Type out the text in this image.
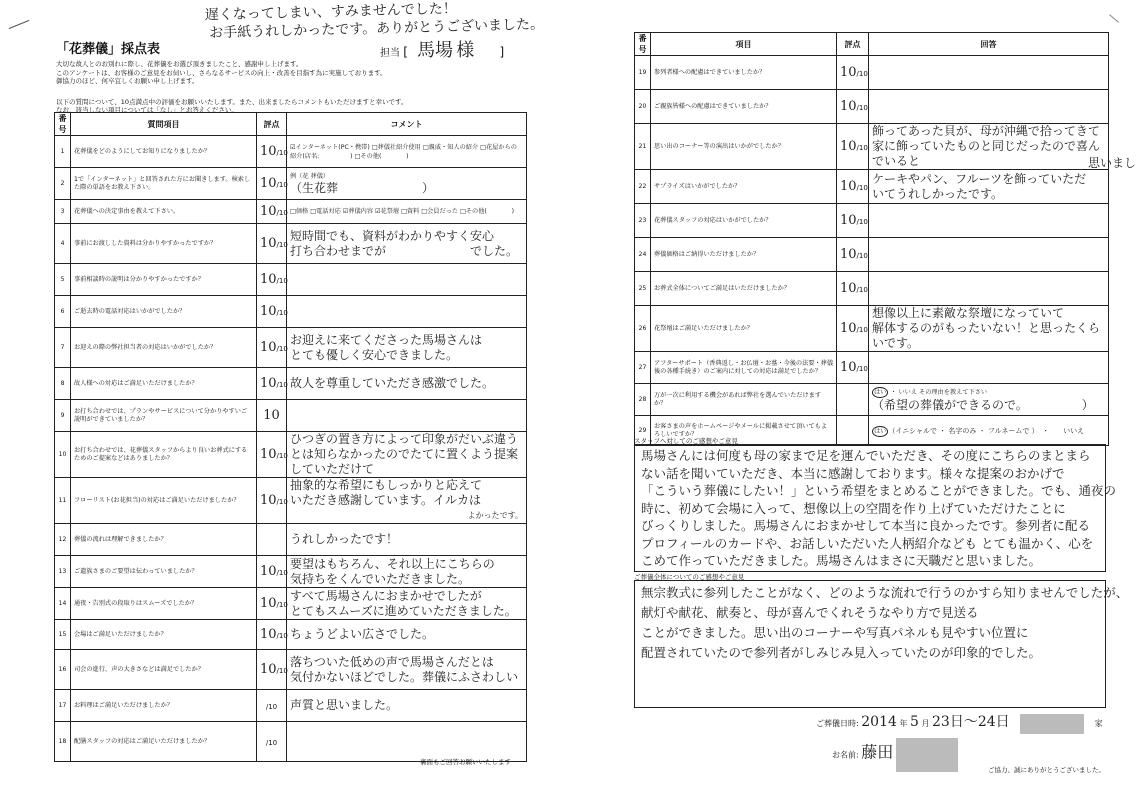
遅くなってしまい、すみませんでした！
お手紙うれしかったです。ありがとうございました。
「花葬儀」採点表	担当 [ 馬場 様 ]
大切な故人とのお別れに際し、花葬儀をお選び頂きましたこと、感謝申し上げます。
このアンケートは、お客様のご意見をお伺いし、さらなるサービスの向上・改善を目指す為に実施しております。
御協力のほど、何卒宜しくお願い申し上げます。
以下の質問について、10点満点中の評価をお願いいたします。また、出来ましたらコメントもいただけますと幸いです。
なお、該当しない項目については「なし」とお答えください。
番号	質問項目	評点	コメント
1	花葬儀をどのようにしてお知りになりましたか？	10/10	☑インターネット(PC・携帯) □葬儀社紹介使用 □親戚・知人の紹介 □花屋からの紹介(店名:　　　　　) □その他(　　　　)

2	1で「インターネット」と回答された方にお聞きします。検索した際の単語をお教え下さい。	10/10	例（花 葬儀）
（生花葬　　　　　　　）

3	花葬儀への決定事由を教えて下さい。	10/10	□価格 □電話対応 ☑葬儀内容 ☑花祭壇 □資料 □会員だった □その他(　　　　)

4	事前にお渡しした資料は分かりやすかったですか？	10/10	短時間でも、資料がわかりやすく安心
打ち合わせまでが　　　　　　　でした。

5	事前相談時の説明は分かりやすかったですか？	10/10	
6	ご逝去時の電話対応はいかがでしたか？	10/10	
7	お迎えの際の弊社担当者の対応はいかがでしたか？	10/10	お迎えに来てくださった馬場さんは
とても優しく安心できました。

8	故人様への対応はご満足いただけましたか？	10/10	故人を尊重していただき感激でした。

9	お打ち合わせでは、プランやサービスについて分かりやすいご説明ができていましたか？	10	
10	お打ち合わせでは、花葬儀スタッフからより良いお葬式にするためのご提案などはありましたか？	10/10	ひつぎの置き方によって印象がだいぶ違う
とは知らなかったのでたてに置くよう提案していただけて

11	フローリスト(お花担当)の対応はご満足いただけましたか？	10/10	抽象的な希望にもしっかりと応えて
いただき感謝しています。イルカは
よかったです。

12	葬儀の流れは理解できましたか？		うれしかったです！

13	ご遺族さまのご要望は伝わっていましたか？	10/10	要望はもちろん、それ以上にこちらの
気持ちをくんでいただきました。

14	通夜・告別式の段取りはスムーズでしたか？	10/10	すべて馬場さんにおまかせでしたが
とてもスムーズに進めていただきました。

15	会場はご満足いただけましたか？	10/10	ちょうどよい広さでした。

16	司会の進行、声の大きさなどは満足でしたか？	10/10	落ちついた低めの声で馬場さんだとは
気付かないほどでした。葬儀にふさわしい

17	お料理はご満足いただけましたか？	/10	声質と思いました。

18	配膳スタッフの対応はご満足いただけましたか？	/10	
裏面もご回答お願いいたします
番号	項目	評点	回答
19	参列者様への配慮はできていましたか？	10/10	
20	ご親族皆様への配慮はできていましたか？	10/10	
21	思い出のコーナー等の演出はいかがでしたか？	10/10	飾ってあった貝が、母が沖縄で拾ってきて
家に飾っていたものと同じだったので喜んでいると

22	サプライズはいかがでしたか？	10/10	ケーキやパン、フルーツを飾っていただ
いてうれしかったです。

23	花葬儀スタッフの対応はいかがでしたか？	10/10	
24	葬儀価格はご納得いただけましたか？	10/10	
25	お葬式全体についてご満足はいただけましたか？	10/10	
26	花祭壇はご満足いただけましたか？	10/10	想像以上に素敵な祭壇になっていて
解体するのがもったいない！と思ったくらいです。

27	アフターサポート（香典返し・お仏壇・お墓・今後の法要・葬儀後の各種手続き）のご案内に対しての対応は満足でしたか？	10/10	
28	万が一次に利用する機会があれば弊社を選んでいただけますか？		はい ・ いいえ その理由を教えて下さい
（希望の葬儀ができるので。　　　　　）

29	お客さまの声をホームページやメールに掲載させて頂いてもよろしいですか？		はい （イニシャルで ・ 名字のみ ・ フルネームで ）　・　　いいえ
思いまし
スタッフへ対してのご感想やご意見
馬場さんには何度も母の家まで足を運んでいただき、その度にこちらのまとまら
ない話を聞いていただき、本当に感謝しております。様々な提案のおかげで
「こういう葬儀にしたい！」という希望をまとめることができました。でも、通夜の
時に、初めて会場に入って、想像以上の空間を作り上げていただけたことに
びっくりしました。馬場さんにおまかせして本当に良かったです。参列者に配る
プロフィールのカードや、お話しいただいた人柄紹介なども とても温かく、心を
こめて作っていただきました。馬場さんはまさに天職だと思いました。
ご葬儀全体についてのご感想やご意見
無宗教式に参列したことがなく、どのような流れで行うのかすら知りませんでしたが、
献灯や献花、献奏と、母が喜んでくれそうなやり方で見送る
ことができました。思い出のコーナーや写真パネルも見やすい位置に
配置されていたので参列者がしみじみ見入っていたのが印象的でした。
ご葬儀日時: 2014 年 5 月 23日〜24日	家
お名前: 藤田
ご協力、誠にありがとうございました。
